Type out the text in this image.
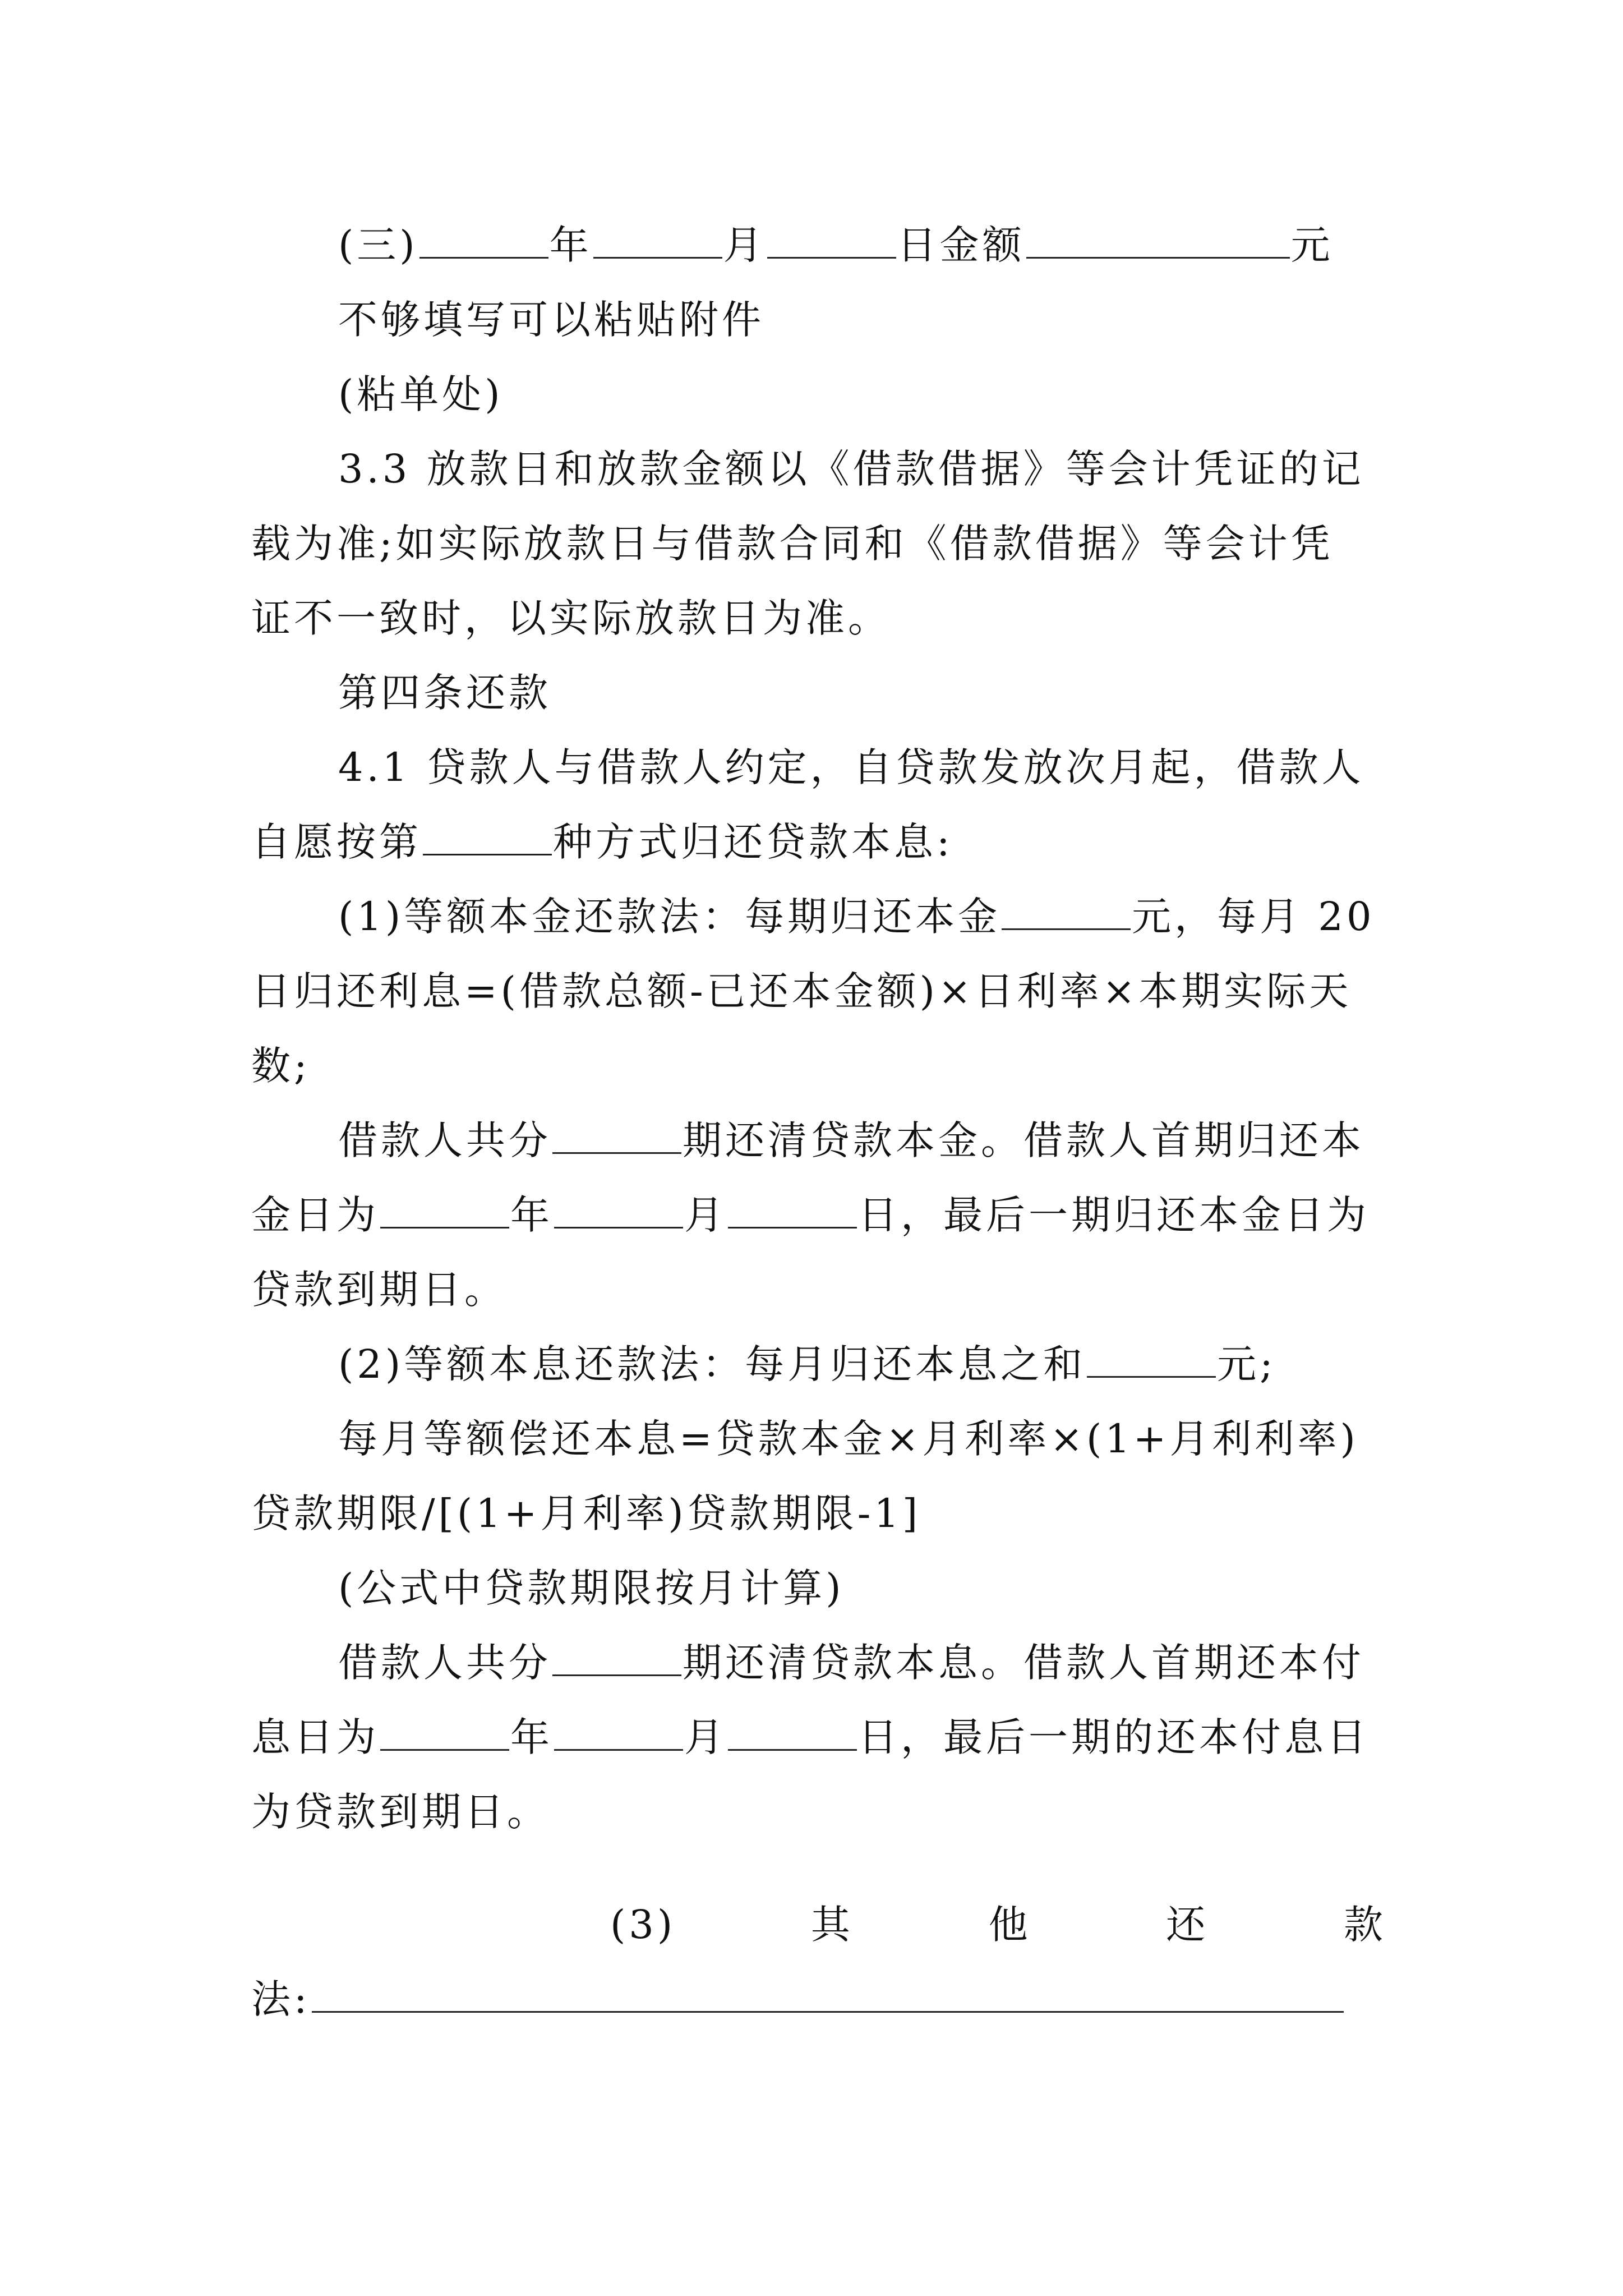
(三)	年	月	日金额	元
不够填写可以粘贴附件
(粘单处)
3.3 放款日和放款金额以《借款借据》等会计凭证的记
载为准;如实际放款日与借款合同和《借款借据》等会计凭
证不一致时，以实际放款日为准。
第四条还款
4.1 贷款人与借款人约定，自贷款发放次月起，借款人
自愿按第	种方式归还贷款本息:
(1)等额本金还款法：每期归还本金	元，每月 20
日归还利息=(借款总额-已还本金额)×日利率×本期实际天
数;
借款人共分	期还清贷款本金。借款人首期归还本
金日为	年	月	日，最后一期归还本金日为
贷款到期日。
(2)等额本息还款法：每月归还本息之和	元;
每月等额偿还本息=贷款本金×月利率×(1+月利利率)
贷款期限/[(1+月利率)贷款期限-1]
(公式中贷款期限按月计算)
借款人共分	期还清贷款本息。借款人首期还本付
息日为	年	月	日，最后一期的还本付息日
为贷款到期日。
(3)	其	他	还	款
法:
